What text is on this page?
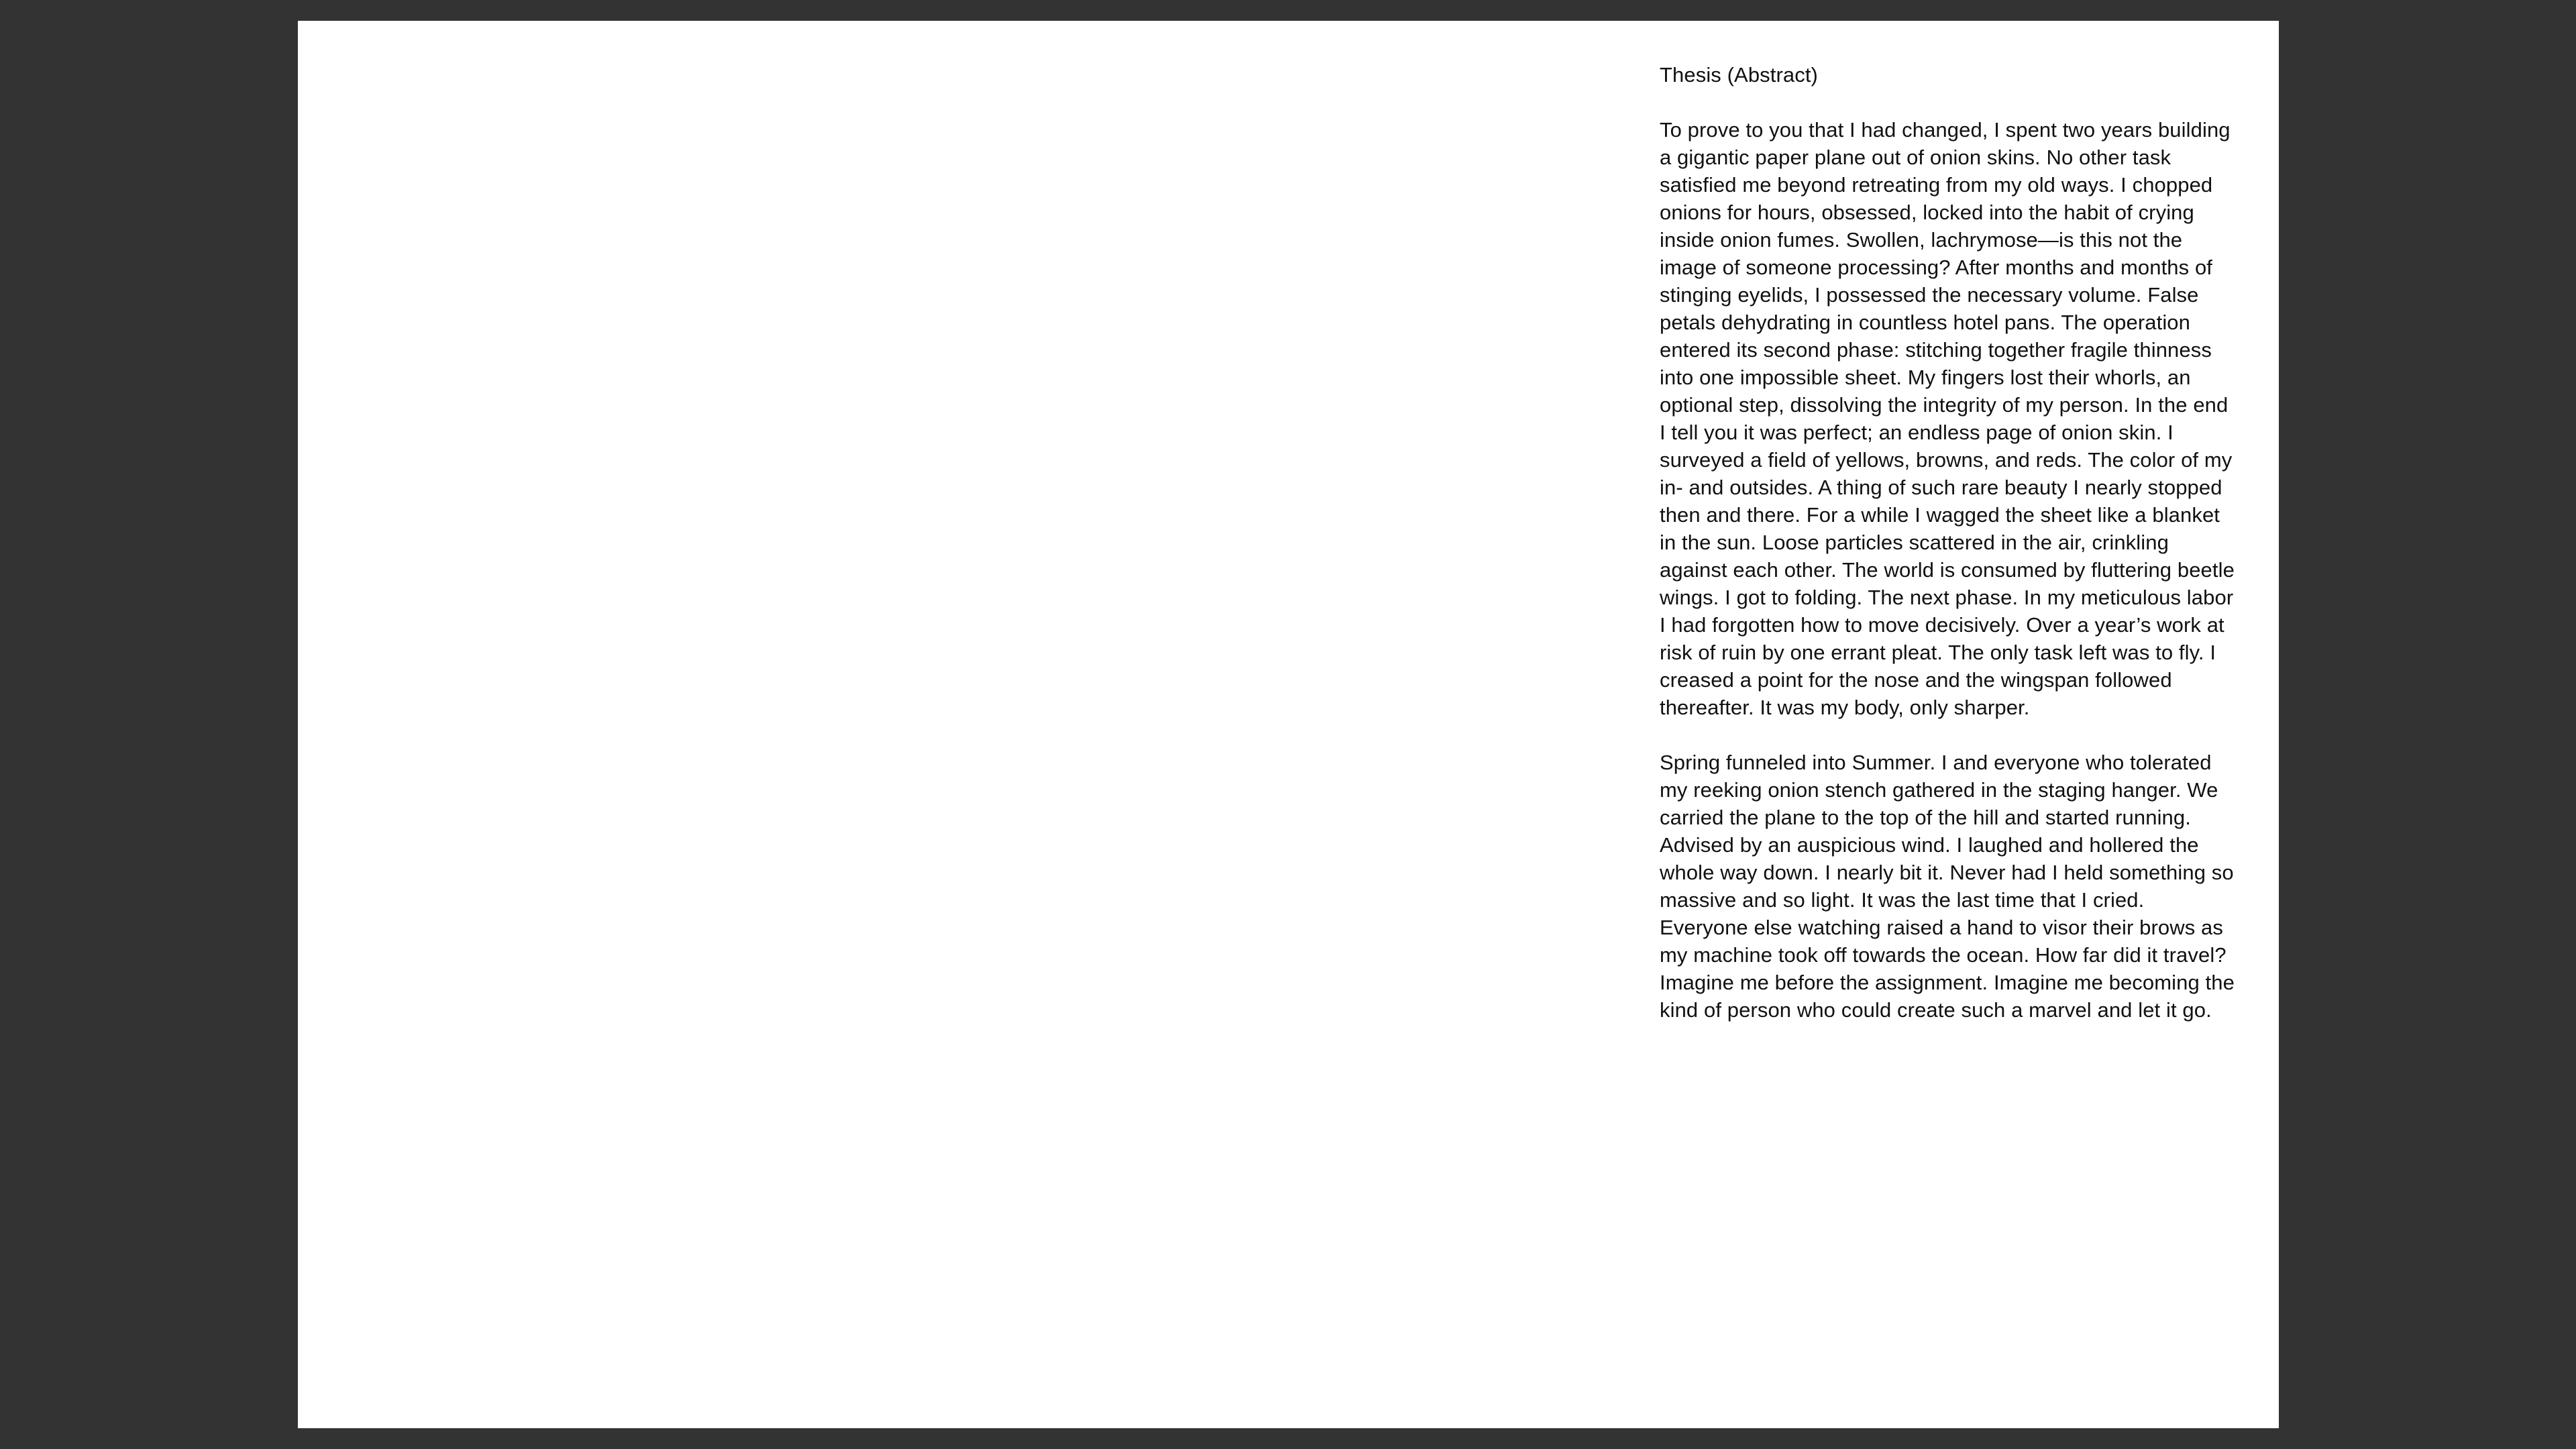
Thesis (Abstract)

To prove to you that I had changed, I spent two years building a gigantic paper plane out of onion skins. No other task satisfied me beyond retreating from my old ways. I chopped onions for hours, obsessed, locked into the habit of crying inside onion fumes. Swollen, lachrymose—is this not the image of someone processing? After months and months of stinging eyelids, I possessed the necessary volume. False petals dehydrating in countless hotel pans. The operation entered its second phase: stitching together fragile thinness into one impossible sheet. My fingers lost their whorls, an optional step, dissolving the integrity of my person. In the end I tell you it was perfect; an endless page of onion skin. I surveyed a field of yellows, browns, and reds. The color of my in- and outsides. A thing of such rare beauty I nearly stopped then and there. For a while I wagged the sheet like a blanket in the sun. Loose particles scattered in the air, crinkling against each other. The world is consumed by fluttering beetle wings. I got to folding. The next phase. In my meticulous labor I had forgotten how to move decisively. Over a year’s work at risk of ruin by one errant pleat. The only task left was to fly. I creased a point for the nose and the wingspan followed thereafter. It was my body, only sharper.

Spring funneled into Summer. I and everyone who tolerated my reeking onion stench gathered in the staging hanger. We carried the plane to the top of the hill and started running. Advised by an auspicious wind. I laughed and hollered the whole way down. I nearly bit it. Never had I held something so massive and so light. It was the last time that I cried. Everyone else watching raised a hand to visor their brows as my machine took off towards the ocean. How far did it travel? Imagine me before the assignment. Imagine me becoming the kind of person who could create such a marvel and let it go.
